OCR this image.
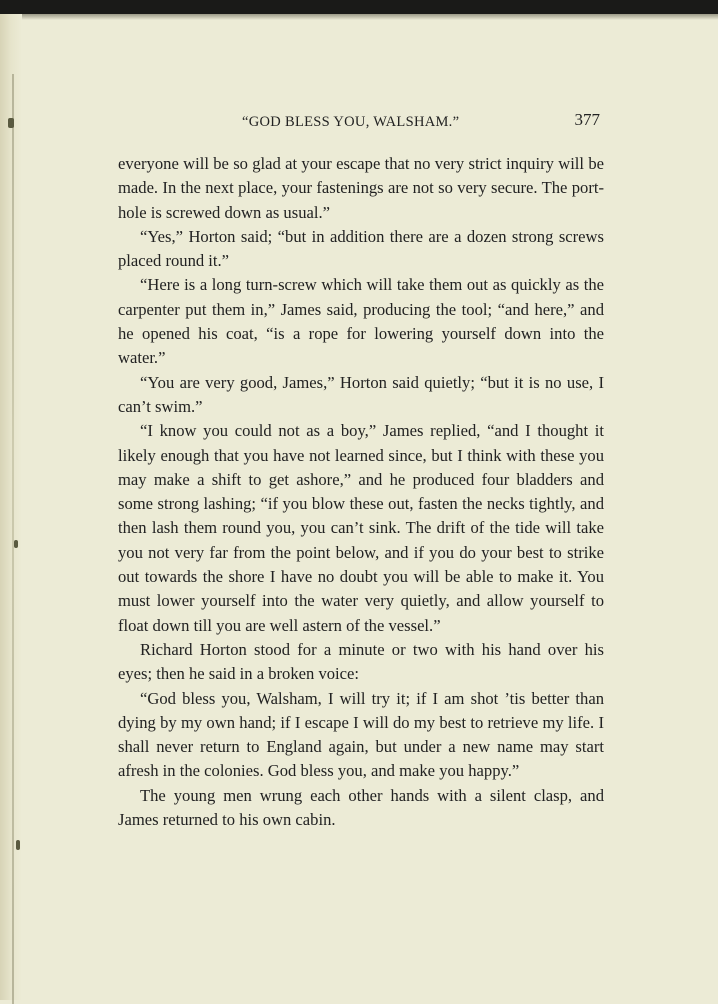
“GOD BLESS YOU, WALSHAM.”	377

everyone will be so glad at your escape that no very strict inquiry will be made. In the next place, your fastenings are not so very secure. The port-hole is screwed down as usual.”

“Yes,” Horton said; “but in addition there are a dozen strong screws placed round it.”

“Here is a long turn-screw which will take them out as quickly as the carpenter put them in,” James said, producing the tool; “and here,” and he opened his coat, “is a rope for lowering yourself down into the water.”

“You are very good, James,” Horton said quietly; “but it is no use, I can’t swim.”

“I know you could not as a boy,” James replied, “and I thought it likely enough that you have not learned since, but I think with these you may make a shift to get ashore,” and he produced four bladders and some strong lashing; “if you blow these out, fasten the necks tightly, and then lash them round you, you can’t sink. The drift of the tide will take you not very far from the point below, and if you do your best to strike out towards the shore I have no doubt you will be able to make it. You must lower yourself into the water very quietly, and allow yourself to float down till you are well astern of the vessel.”

Richard Horton stood for a minute or two with his hand over his eyes; then he said in a broken voice:

“God bless you, Walsham, I will try it; if I am shot ’tis better than dying by my own hand; if I escape I will do my best to retrieve my life. I shall never return to England again, but under a new name may start afresh in the colonies. God bless you, and make you happy.”

The young men wrung each other hands with a silent clasp, and James returned to his own cabin.
